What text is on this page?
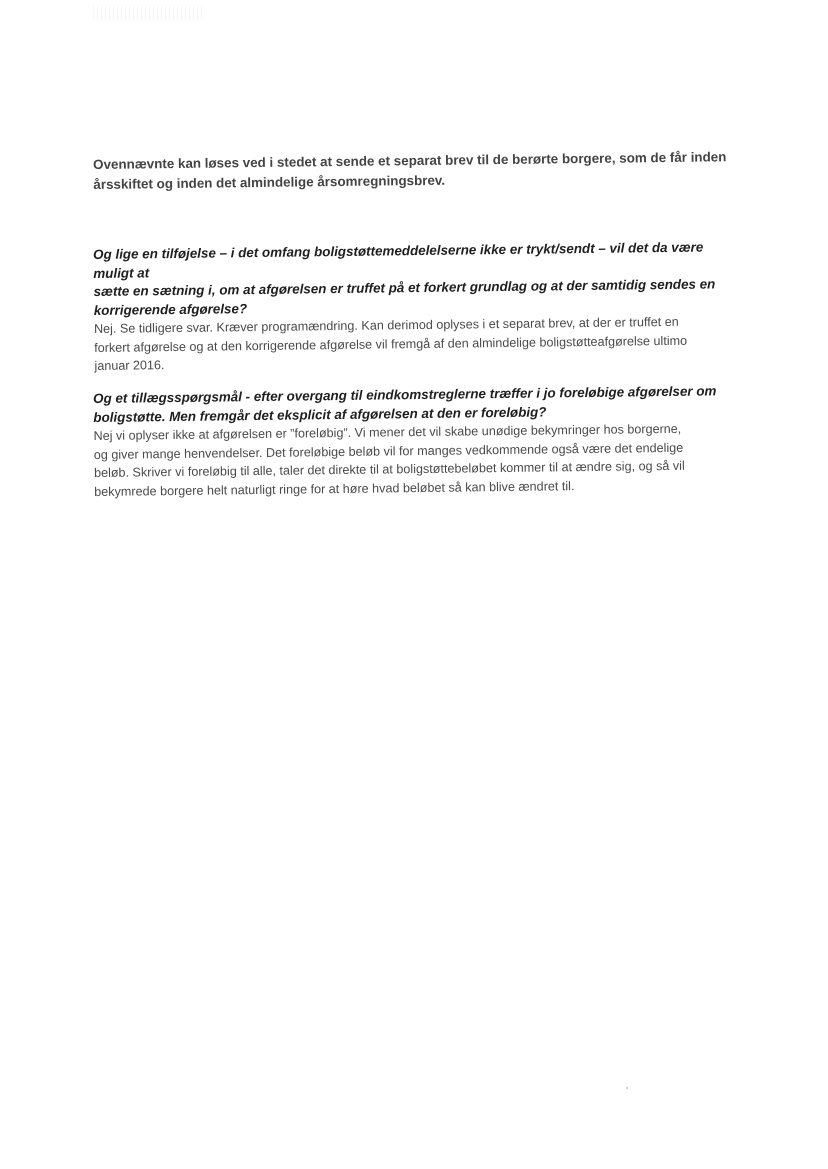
Ovennævnte kan løses ved i stedet at sende et separat brev til de berørte borgere, som de får inden
årsskiftet og inden det almindelige årsomregningsbrev.
Og lige en tilføjelse – i det omfang boligstøttemeddelelserne ikke er trykt/sendt – vil det da være muligt at
sætte en sætning i, om at afgørelsen er truffet på et forkert grundlag og at der samtidig sendes en
korrigerende afgørelse?
Nej. Se tidligere svar. Kræver programændring. Kan derimod oplyses i et separat brev, at der er truffet en
forkert afgørelse og at den korrigerende afgørelse vil fremgå af den almindelige boligstøtteafgørelse ultimo
januar 2016.
Og et tillægsspørgsmål - efter overgang til eindkomstreglerne træffer i jo foreløbige afgørelser om
boligstøtte. Men fremgår det eksplicit af afgørelsen at den er foreløbig?
Nej vi oplyser ikke at afgørelsen er ”foreløbig”. Vi mener det vil skabe unødige bekymringer hos borgerne,
og giver mange henvendelser. Det foreløbige beløb vil for manges vedkommende også være det endelige
beløb. Skriver vi foreløbig til alle, taler det direkte til at boligstøttebeløbet kommer til at ændre sig, og så vil
bekymrede borgere helt naturligt ringe for at høre hvad beløbet så kan blive ændret til.
